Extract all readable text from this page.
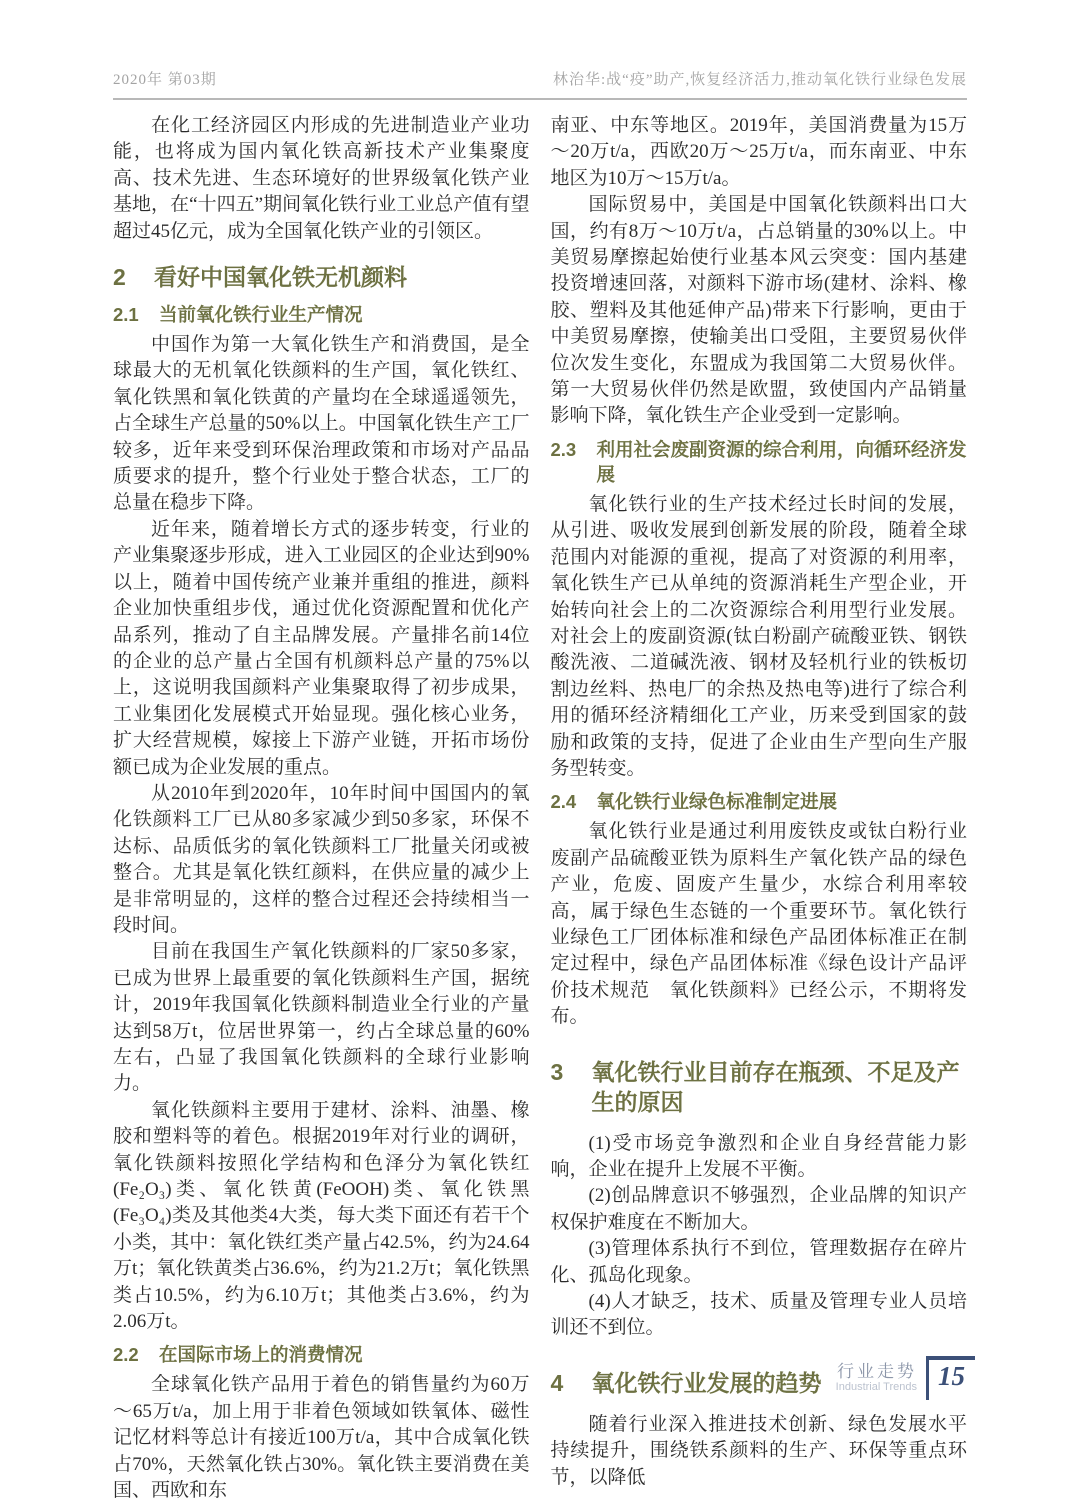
2020年 第03期	林治华:战“疫”助产,恢复经济活力,推动氧化铁行业绿色发展

在化工经济园区内形成的先进制造业产业功能，也将成为国内氧化铁高新技术产业集聚度高、技术先进、生态环境好的世界级氧化铁产业基地，在“十四五”期间氧化铁行业工业总产值有望超过45亿元，成为全国氧化铁产业的引领区。

2	看好中国氧化铁无机颜料
2.1	当前氧化铁行业生产情况

中国作为第一大氧化铁生产和消费国，是全球最大的无机氧化铁颜料的生产国，氧化铁红、氧化铁黑和氧化铁黄的产量均在全球遥遥领先，占全球生产总量的50%以上。中国氧化铁生产工厂较多，近年来受到环保治理政策和市场对产品品质要求的提升，整个行业处于整合状态，工厂的总量在稳步下降。

近年来，随着增长方式的逐步转变，行业的产业集聚逐步形成，进入工业园区的企业达到90%以上，随着中国传统产业兼并重组的推进，颜料企业加快重组步伐，通过优化资源配置和优化产品系列，推动了自主品牌发展。产量排名前14位的企业的总产量占全国有机颜料总产量的75%以上，这说明我国颜料产业集聚取得了初步成果，工业集团化发展模式开始显现。强化核心业务，扩大经营规模，嫁接上下游产业链，开拓市场份额已成为企业发展的重点。

从2010年到2020年，10年时间中国国内的氧化铁颜料工厂已从80多家减少到50多家，环保不达标、品质低劣的氧化铁颜料工厂批量关闭或被整合。尤其是氧化铁红颜料，在供应量的减少上是非常明显的，这样的整合过程还会持续相当一段时间。

目前在我国生产氧化铁颜料的厂家50多家，已成为世界上最重要的氧化铁颜料生产国，据统计，2019年我国氧化铁颜料制造业全行业的产量达到58万t，位居世界第一，约占全球总量的60%左右，凸显了我国氧化铁颜料的全球行业影响力。

氧化铁颜料主要用于建材、涂料、油墨、橡胶和塑料等的着色。根据2019年对行业的调研，氧化铁颜料按照化学结构和色泽分为氧化铁红(Fe₂O₃)类、氧化铁黄(FeOOH)类、氧化铁黑(Fe₃O₄)类及其他类4大类，每大类下面还有若干个小类，其中：氧化铁红类产量占42.5%，约为24.64万t；氧化铁黄类占36.6%，约为21.2万t；氧化铁黑类占10.5%，约为6.10万t；其他类占3.6%，约为2.06万t。

2.2	在国际市场上的消费情况

全球氧化铁产品用于着色的销售量约为60万～65万t/a，加上用于非着色领域如铁氧体、磁性记忆材料等总计有接近100万t/a，其中合成氧化铁占70%，天然氧化铁占30%。氧化铁主要消费在美国、西欧和东

南亚、中东等地区。2019年，美国消费量为15万～20万t/a，西欧20万～25万t/a，而东南亚、中东地区为10万～15万t/a。

国际贸易中，美国是中国氧化铁颜料出口大国，约有8万～10万t/a，占总销量的30%以上。中美贸易摩擦起始使行业基本风云突变：国内基建投资增速回落，对颜料下游市场(建材、涂料、橡胶、塑料及其他延伸产品)带来下行影响，更由于中美贸易摩擦，使输美出口受阻，主要贸易伙伴位次发生变化，东盟成为我国第二大贸易伙伴。第一大贸易伙伴仍然是欧盟，致使国内产品销量影响下降，氧化铁生产企业受到一定影响。

2.3	利用社会废副资源的综合利用，向循环经济发展

氧化铁行业的生产技术经过长时间的发展，从引进、吸收发展到创新发展的阶段，随着全球范围内对能源的重视，提高了对资源的利用率，氧化铁生产已从单纯的资源消耗生产型企业，开始转向社会上的二次资源综合利用型行业发展。对社会上的废副资源(钛白粉副产硫酸亚铁、钢铁酸洗液、二道碱洗液、钢材及轻机行业的铁板切割边丝料、热电厂的余热及热电等)进行了综合利用的循环经济精细化工产业，历来受到国家的鼓励和政策的支持，促进了企业由生产型向生产服务型转变。

2.4	氧化铁行业绿色标准制定进展

氧化铁行业是通过利用废铁皮或钛白粉行业废副产品硫酸亚铁为原料生产氧化铁产品的绿色产业，危废、固废产生量少，水综合利用率较高，属于绿色生态链的一个重要环节。氧化铁行业绿色工厂团体标准和绿色产品团体标准正在制定过程中，绿色产品团体标准《绿色设计产品评价技术规范　氧化铁颜料》已经公示，不期将发布。

3	氧化铁行业目前存在瓶颈、不足及产生的原因

(1)受市场竞争激烈和企业自身经营能力影响，企业在提升上发展不平衡。

(2)创品牌意识不够强烈，企业品牌的知识产权保护难度在不断加大。

(3)管理体系执行不到位，管理数据存在碎片化、孤岛化现象。

(4)人才缺乏，技术、质量及管理专业人员培训还不到位。

4	氧化铁行业发展的趋势

随着行业深入推进技术创新、绿色发展水平持续提升，围绕铁系颜料的生产、环保等重点环节，以降低

行业走势
Industrial Trends 15
